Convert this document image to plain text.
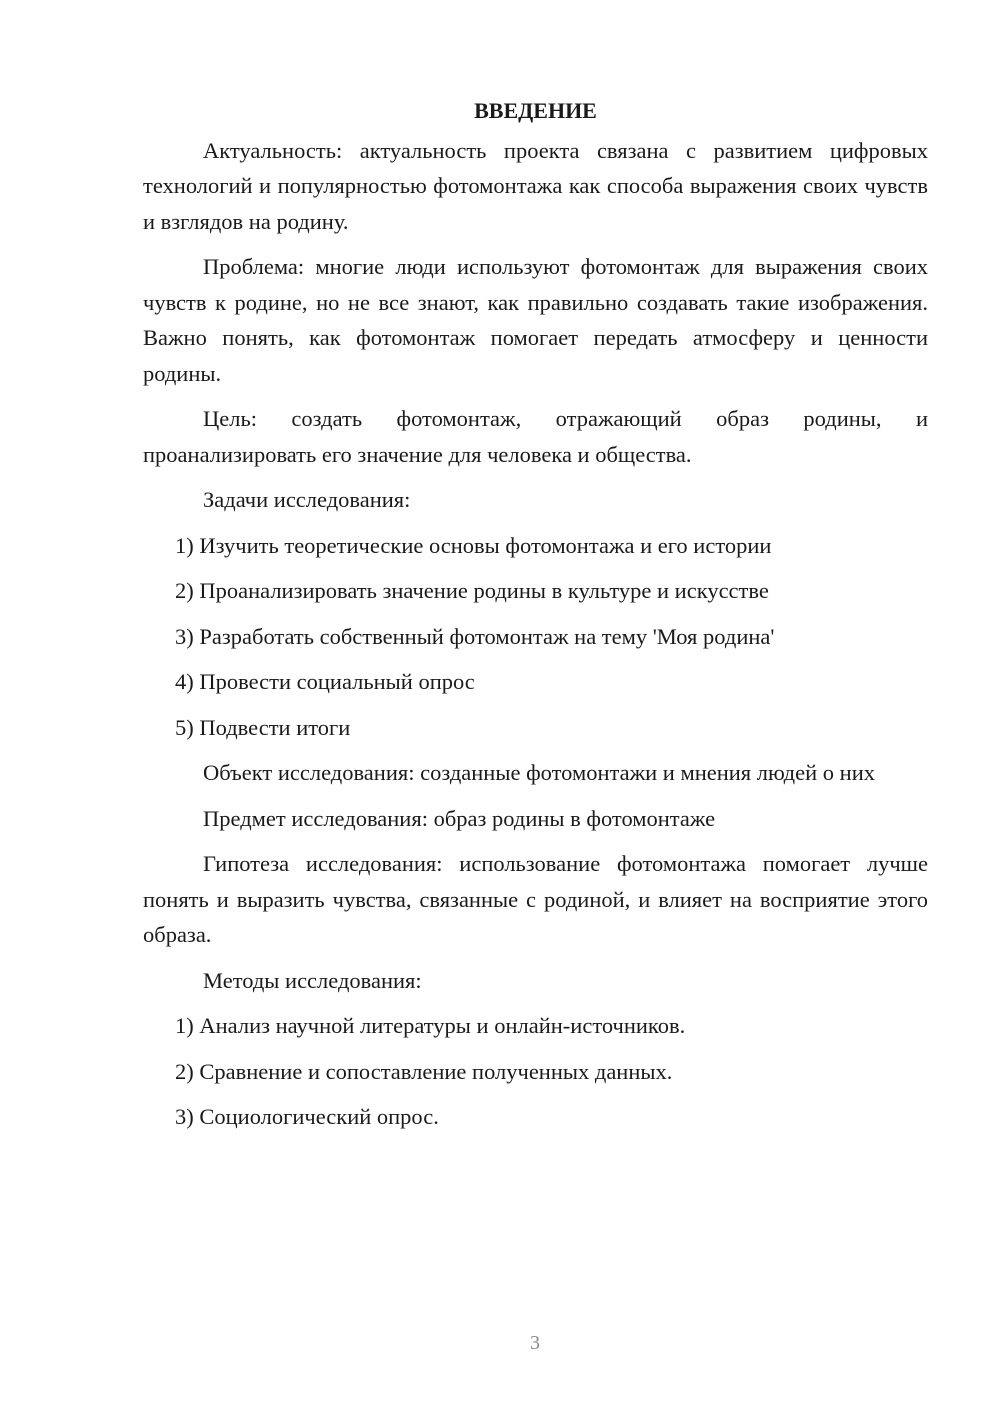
ВВЕДЕНИЕ

Актуальность: актуальность проекта связана с развитием цифровых технологий и популярностью фотомонтажа как способа выражения своих чувств и взглядов на родину.

Проблема: многие люди используют фотомонтаж для выражения своих чувств к родине, но не все знают, как правильно создавать такие изображения. Важно понять, как фотомонтаж помогает передать атмосферу и ценности родины.

Цель: создать фотомонтаж, отражающий образ родины, и проанализировать его значение для человека и общества.

Задачи исследования:

1) Изучить теоретические основы фотомонтажа и его истории
2) Проанализировать значение родины в культуре и искусстве
3) Разработать собственный фотомонтаж на тему 'Моя родина'
4) Провести социальный опрос
5) Подвести итоги

Объект исследования: созданные фотомонтажи и мнения людей о них

Предмет исследования: образ родины в фотомонтаже

Гипотеза исследования: использование фотомонтажа помогает лучше понять и выразить чувства, связанные с родиной, и влияет на восприятие этого образа.

Методы исследования:

1) Анализ научной литературы и онлайн-источников.
2) Сравнение и сопоставление полученных данных.
3) Социологический опрос.
3
